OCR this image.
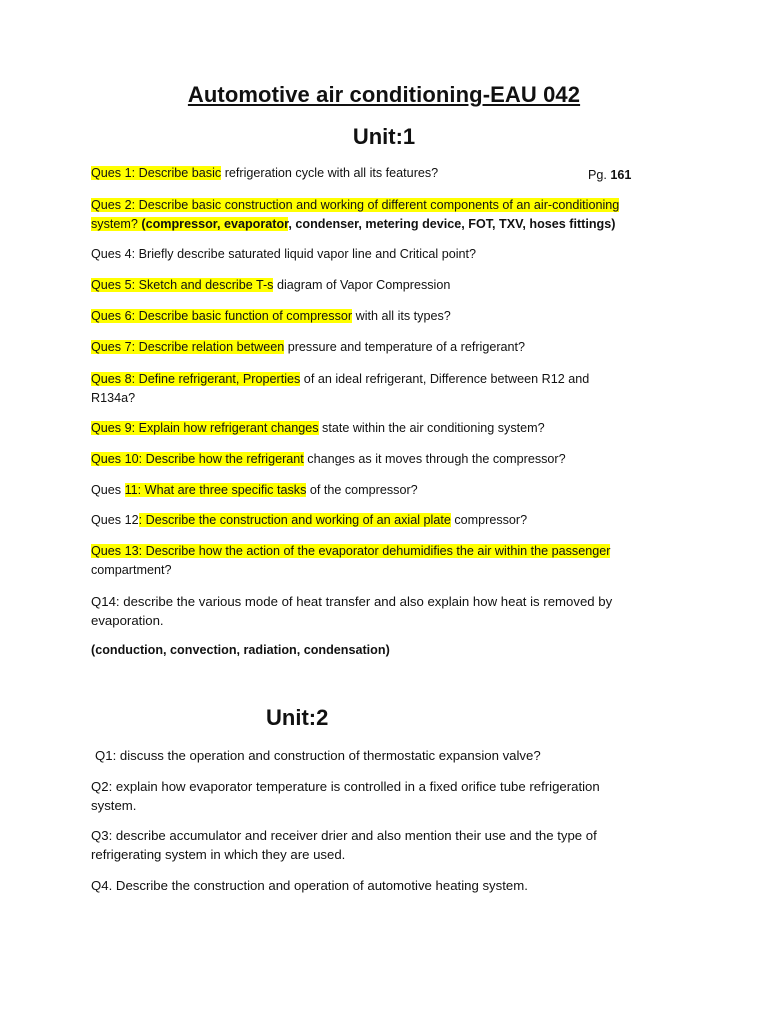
Automotive air conditioning-EAU 042
Unit:1
Ques 1: Describe basic refrigeration cycle with all its features?	Pg. 161
Ques 2: Describe basic construction and working of different components of an air-conditioning
system? (compressor, evaporator, condenser, metering device, FOT, TXV, hoses fittings)
Ques 4: Briefly describe saturated liquid vapor line and Critical point?
Ques 5: Sketch and describe T-s diagram of Vapor Compression
Ques 6: Describe basic function of compressor with all its types?
Ques 7: Describe relation between pressure and temperature of a refrigerant?
Ques 8: Define refrigerant, Properties of an ideal refrigerant, Difference between R12 and
R134a?
Ques 9: Explain how refrigerant changes state within the air conditioning system?
Ques 10: Describe how the refrigerant changes as it moves through the compressor?
Ques 11: What are three specific tasks of the compressor?
Ques 12: Describe the construction and working of an axial plate compressor?
Ques 13: Describe how the action of the evaporator dehumidifies the air within the passenger
compartment?
Q14: describe the various mode of heat transfer and also explain how heat is removed by
evaporation.
(conduction, convection, radiation, condensation)
Unit:2
Q1: discuss the operation and construction of thermostatic expansion valve?
Q2: explain how evaporator temperature is controlled in a fixed orifice tube refrigeration
system.
Q3: describe accumulator and receiver drier and also mention their use and the type of
refrigerating system in which they are used.
Q4. Describe the construction and operation of automotive heating system.
